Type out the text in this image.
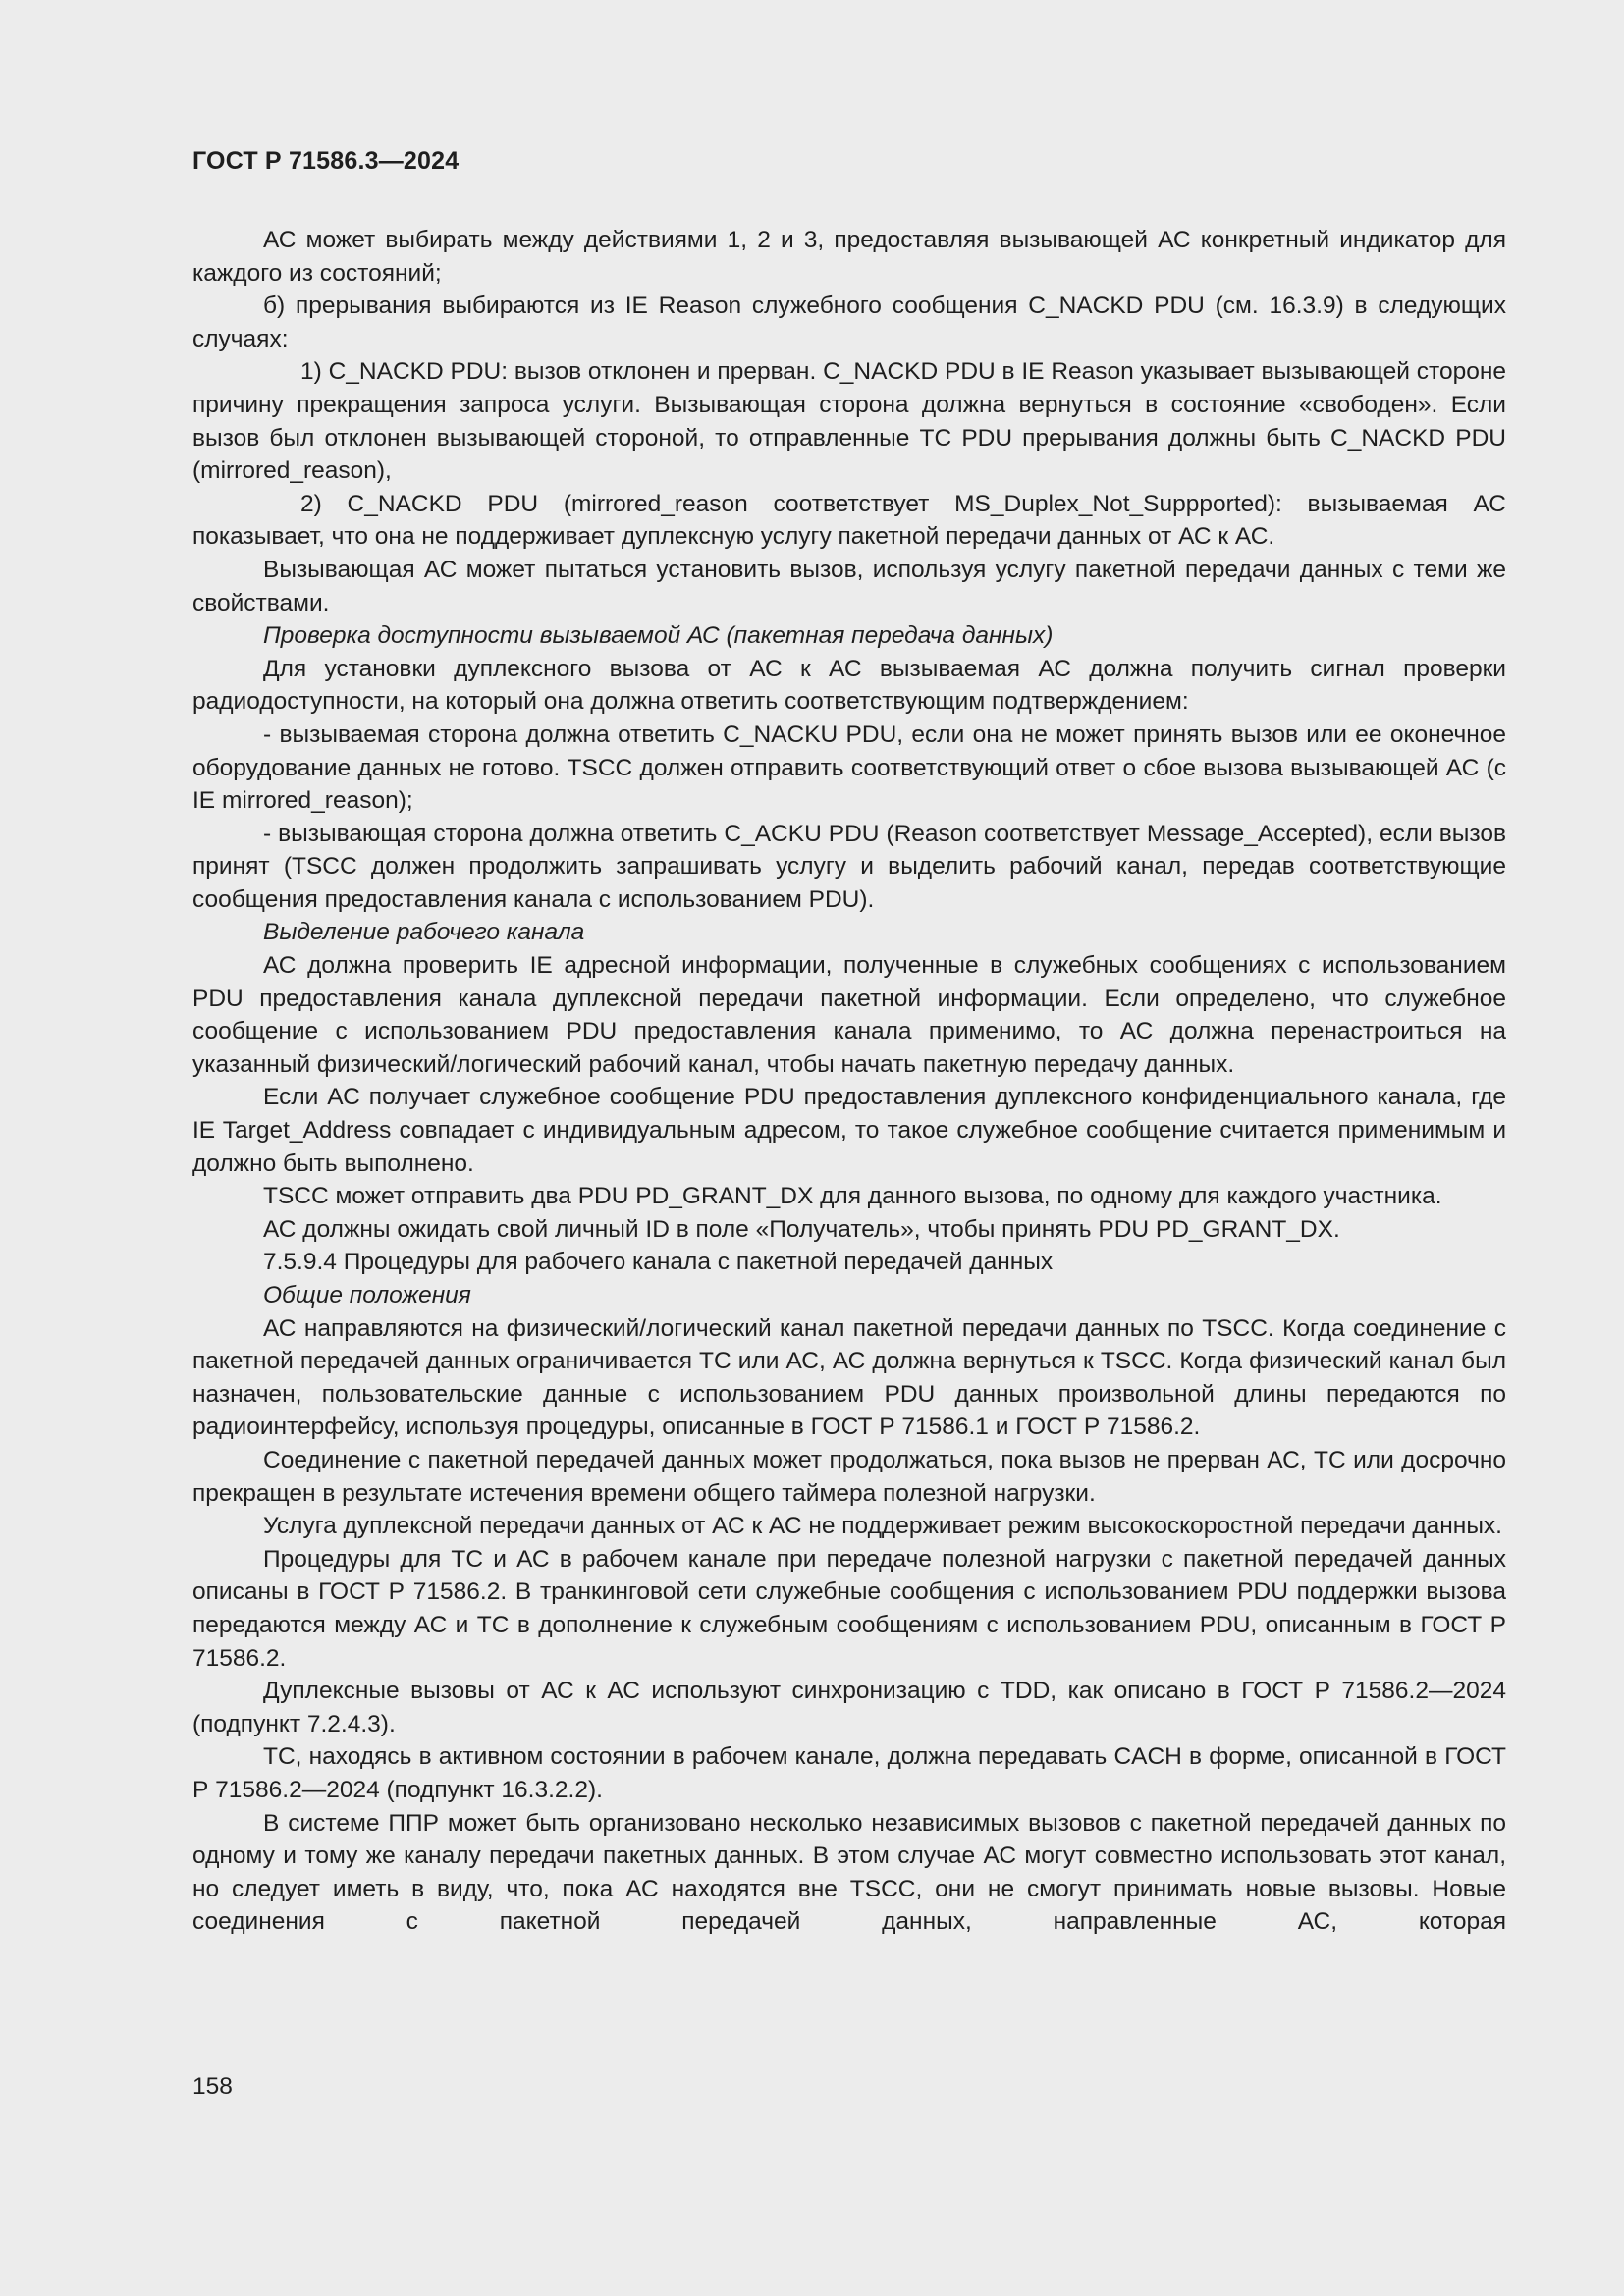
ГОСТ Р 71586.3—2024

АС может выбирать между действиями 1, 2 и 3, предоставляя вызывающей АС конкретный индикатор для каждого из состояний;

б) прерывания выбираются из IE Reason служебного сообщения C_NACKD PDU (см. 16.3.9) в следующих случаях:

1) C_NACKD PDU: вызов отклонен и прерван. C_NACKD PDU в IE Reason указывает вызывающей стороне причину прекращения запроса услуги. Вызывающая сторона должна вернуться в состояние «свободен». Если вызов был отклонен вызывающей стороной, то отправленные ТС PDU прерывания должны быть C_NACKD PDU (mirrored_reason),

2) C_NACKD PDU (mirrored_reason соответствует MS_Duplex_Not_Suppported): вызываемая АС показывает, что она не поддерживает дуплексную услугу пакетной передачи данных от АС к АС.

Вызывающая АС может пытаться установить вызов, используя услугу пакетной передачи данных с теми же свойствами.

Проверка доступности вызываемой АС (пакетная передача данных)

Для установки дуплексного вызова от АС к АС вызываемая АС должна получить сигнал проверки радиодоступности, на который она должна ответить соответствующим подтверждением:

- вызываемая сторона должна ответить C_NACKU PDU, если она не может принять вызов или ее оконечное оборудование данных не готово. TSCC должен отправить соответствующий ответ о сбое вызова вызывающей АС (с IE mirrored_reason);

- вызывающая сторона должна ответить C_ACKU PDU (Reason соответствует Message_Accepted), если вызов принят (TSCC должен продолжить запрашивать услугу и выделить рабочий канал, передав соответствующие сообщения предоставления канала с использованием PDU).

Выделение рабочего канала

АС должна проверить IE адресной информации, полученные в служебных сообщениях с использованием PDU предоставления канала дуплексной передачи пакетной информации. Если определено, что служебное сообщение с использованием PDU предоставления канала применимо, то АС должна перенастроиться на указанный физический/логический рабочий канал, чтобы начать пакетную передачу данных.

Если АС получает служебное сообщение PDU предоставления дуплексного конфиденциального канала, где IE Target_Address совпадает с индивидуальным адресом, то такое служебное сообщение считается применимым и должно быть выполнено.

TSCC может отправить два PDU PD_GRANT_DX для данного вызова, по одному для каждого участника.

АС должны ожидать свой личный ID в поле «Получатель», чтобы принять PDU PD_GRANT_DX.

7.5.9.4 Процедуры для рабочего канала с пакетной передачей данных

Общие положения

АС направляются на физический/логический канал пакетной передачи данных по TSCC. Когда соединение с пакетной передачей данных ограничивается ТС или АС, АС должна вернуться к TSCC. Когда физический канал был назначен, пользовательские данные с использованием PDU данных произвольной длины передаются по радиоинтерфейсу, используя процедуры, описанные в ГОСТ Р 71586.1 и ГОСТ Р 71586.2.

Соединение с пакетной передачей данных может продолжаться, пока вызов не прерван АС, ТС или досрочно прекращен в результате истечения времени общего таймера полезной нагрузки.

Услуга дуплексной передачи данных от АС к АС не поддерживает режим высокоскоростной передачи данных.

Процедуры для ТС и АС в рабочем канале при передаче полезной нагрузки с пакетной передачей данных описаны в ГОСТ Р 71586.2. В транкинговой сети служебные сообщения с использованием PDU поддержки вызова передаются между АС и ТС в дополнение к служебным сообщениям с использованием PDU, описанным в ГОСТ Р 71586.2.

Дуплексные вызовы от АС к АС используют синхронизацию с TDD, как описано в ГОСТ Р 71586.2—2024 (подпункт 7.2.4.3).

ТС, находясь в активном состоянии в рабочем канале, должна передавать CACH в форме, описанной в ГОСТ Р 71586.2—2024 (подпункт 16.3.2.2).

В системе ППР может быть организовано несколько независимых вызовов с пакетной передачей данных по одному и тому же каналу передачи пакетных данных. В этом случае АС могут совместно использовать этот канал, но следует иметь в виду, что, пока АС находятся вне TSCC, они не смогут принимать новые вызовы. Новые соединения с пакетной передачей данных, направленные АС, которая

158
